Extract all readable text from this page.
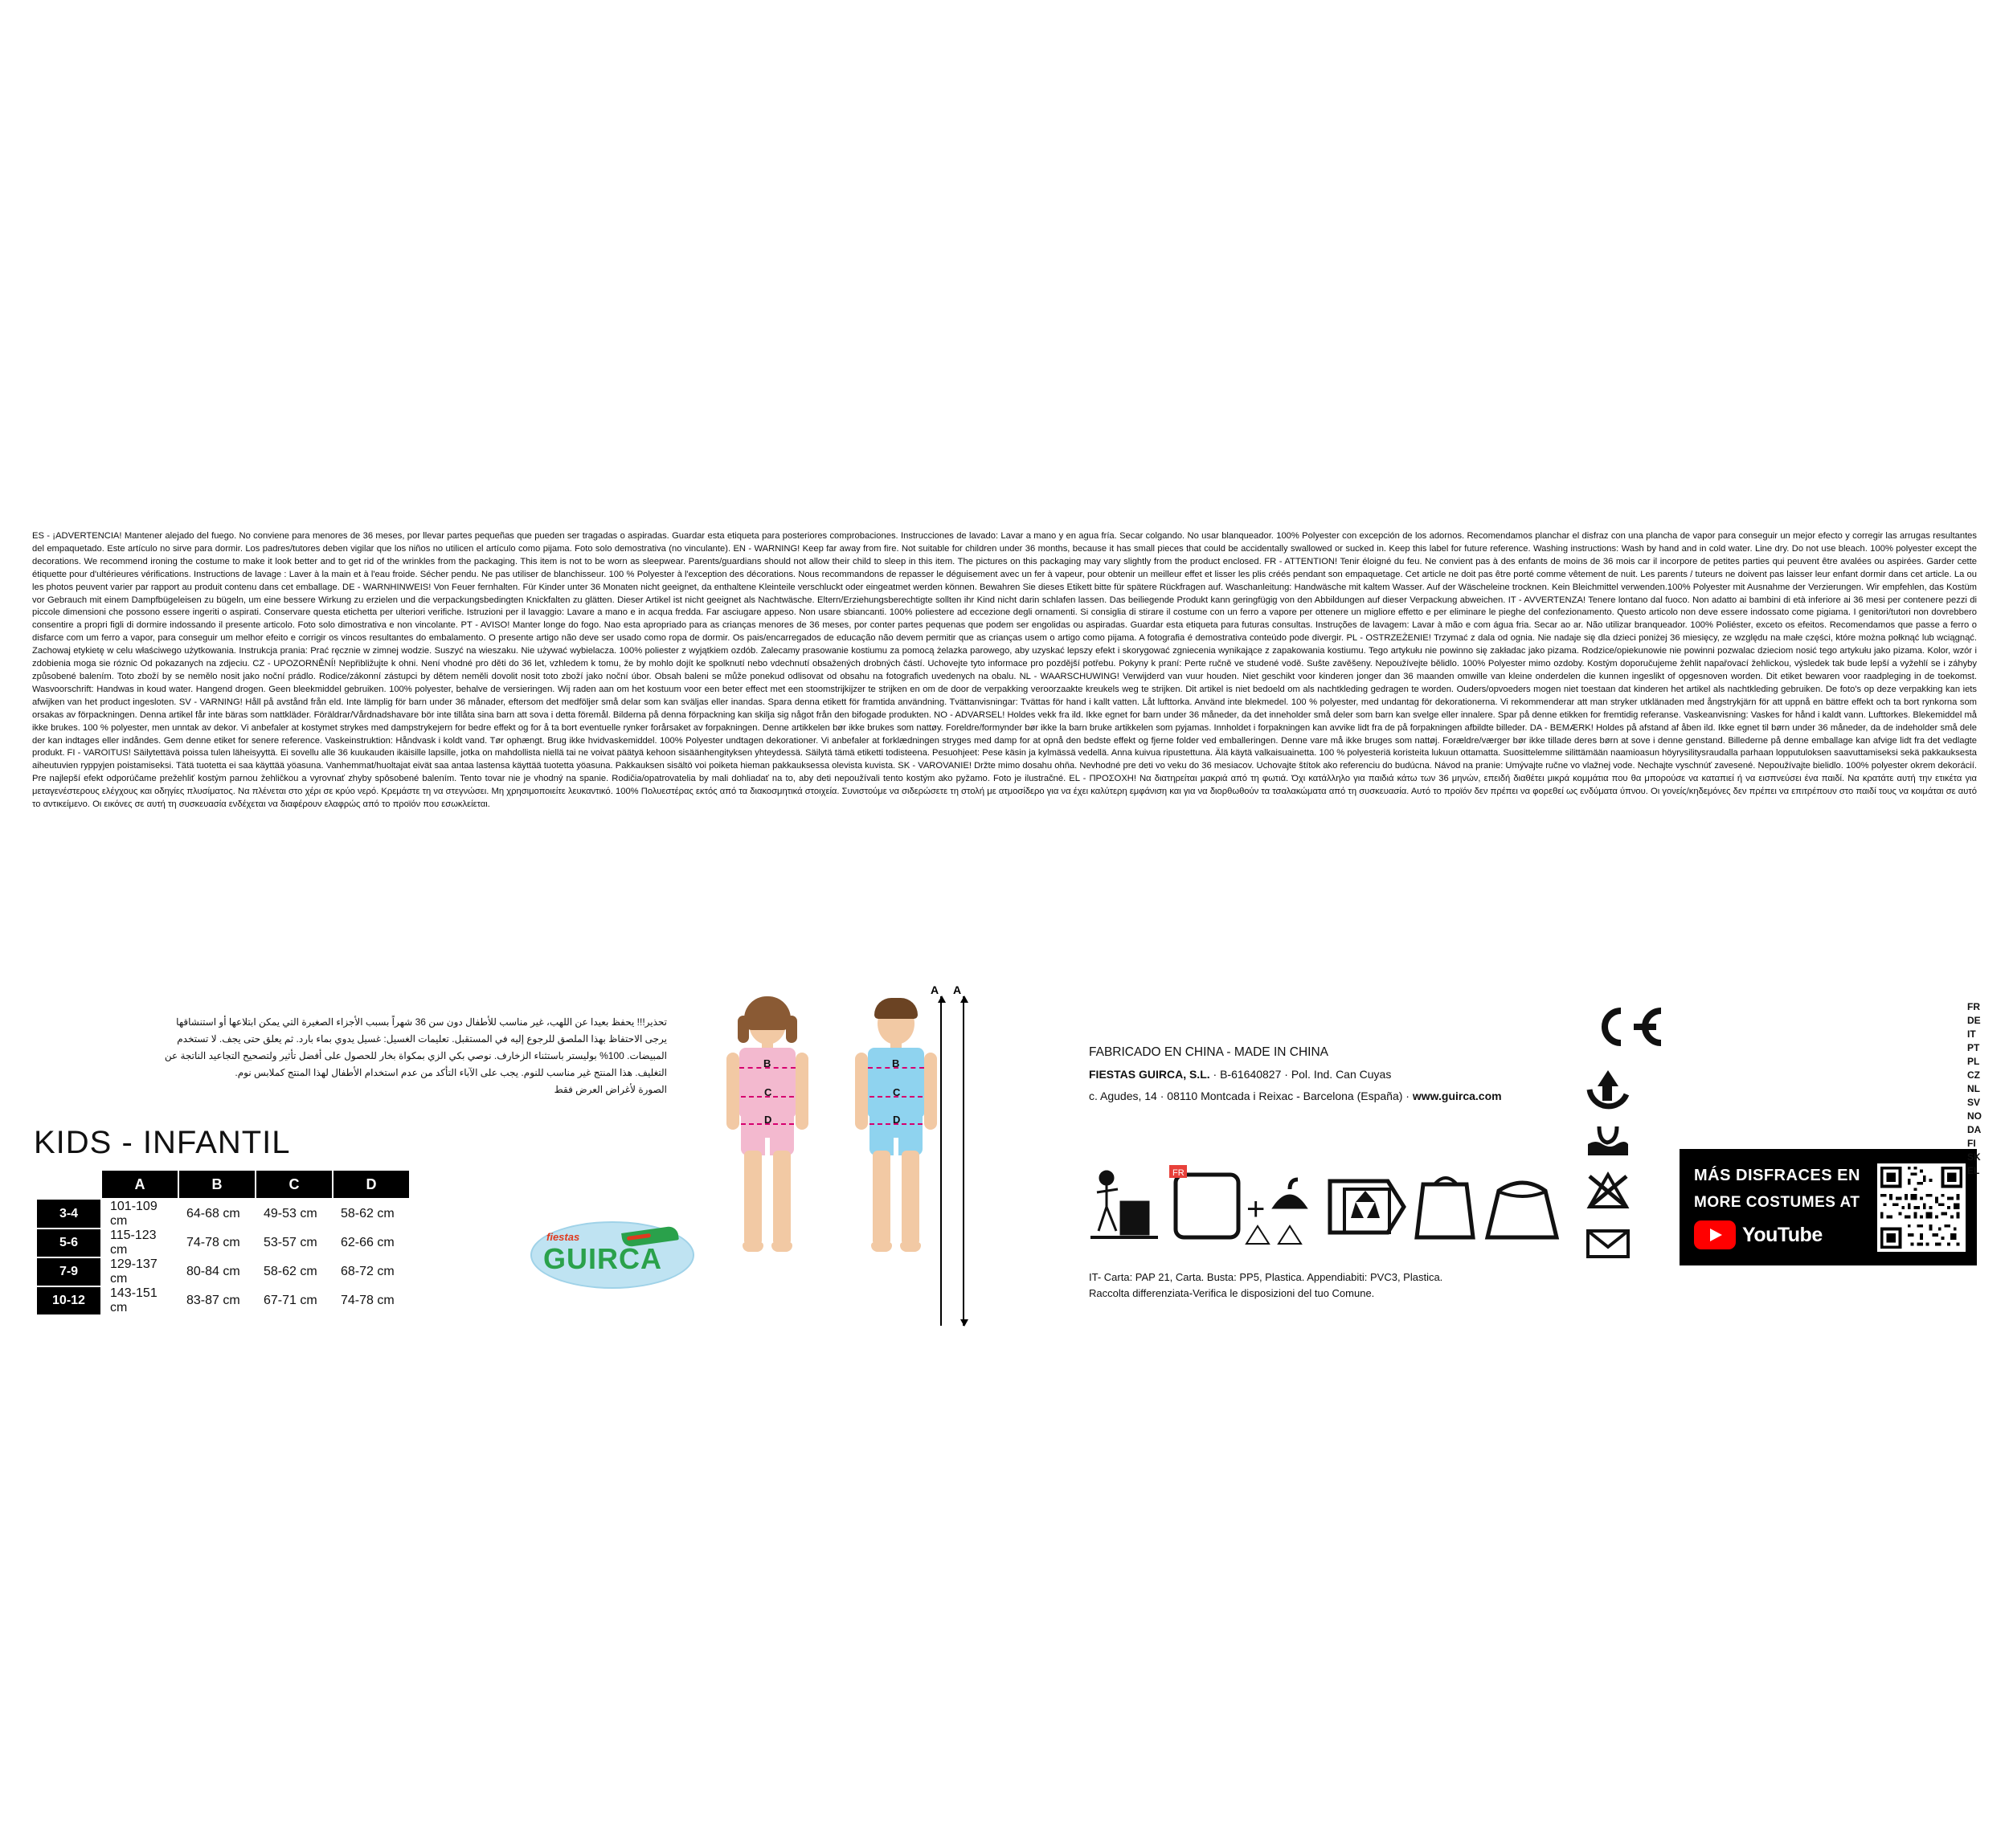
ES - ¡ADVERTENCIA! Mantener alejado del fuego. No conviene para menores de 36 meses, por llevar partes pequeñas que pueden ser tragadas o aspiradas. Guardar esta etiqueta para posteriores comprobaciones. Instrucciones de lavado: Lavar a mano y en agua fría. Secar colgando. No usar blanqueador. 100% Polyester con excepción de los adornos. Recomendamos planchar el disfraz con una plancha de vapor para conseguir un mejor efecto y corregir las arrugas resultantes del empaquetado. Este artículo no sirve para dormir. Los padres/tutores deben vigilar que los niños no utilicen el artículo como pijama. Foto solo demostrativa (no vinculante). EN - WARNING! Keep far away from fire. Not suitable for children under 36 months, because it has small pieces that could be accidentally swallowed or sucked in. Keep this label for future reference. Washing instructions: Wash by hand and in cold water. Line dry. Do not use bleach. 100% polyester except the decorations. We recommend ironing the costume to make it look better and to get rid of the wrinkles from the packaging. This item is not to be worn as sleepwear. Parents/guardians should not allow their child to sleep in this item. The pictures on this packaging may vary slightly from the product enclosed. FR - ATTENTION! Tenir éloigné du feu. Ne convient pas à des enfants de moins de 36 mois car il incorpore de petites parties qui peuvent être avalées ou aspirées. Garder cette étiquette pour d'ultérieures vérifications. Instructions de lavage : Laver à la main et à l'eau froide. Sécher pendu. Ne pas utiliser de blanchisseur. 100 % Polyester à l'exception des décorations. Nous recommandons de repasser le déguisement avec un fer à vapeur, pour obtenir un meilleur effet et lisser les plis créés pendant son empaquetage. Cet article ne doit pas être porté comme vêtement de nuit. Les parents / tuteurs ne doivent pas laisser leur enfant dormir dans cet article. La ou les photos peuvent varier par rapport au produit contenu dans cet emballage. DE - WARNHINWEIS! Von Feuer fernhalten. Für Kinder unter 36 Monaten nicht geeignet, da enthaltene Kleinteile verschluckt oder eingeatmet werden können. Bewahren Sie dieses Etikett bitte für spätere Rückfragen auf. Waschanleitung: Handwäsche mit kaltem Wasser. Auf der Wäscheleine trocknen. Kein Bleichmittel verwenden.100% Polyester mit Ausnahme der Verzierungen. Wir empfehlen, das Kostüm vor Gebrauch mit einem Dampfbügeleisen zu bügeln, um eine bessere Wirkung zu erzielen und die verpackungsbedingten Knickfalten zu glätten. Dieser Artikel ist nicht geeignet als Nachtwäsche. Eltern/Erziehungsberechtigte sollten ihr Kind nicht darin schlafen lassen. Das beiliegende Produkt kann geringfügig von den Abbildungen auf dieser Verpackung abweichen. IT - AVVERTENZA! Tenere lontano dal fuoco. Non adatto ai bambini di età inferiore ai 36 mesi per contenere pezzi di piccole dimensioni che possono essere ingeriti o aspirati. Conservare questa etichetta per ulteriori verifiche. Istruzioni per il lavaggio: Lavare a mano e in acqua fredda. Far asciugare appeso. Non usare sbiancanti. 100% poliestere ad eccezione degli ornamenti. Si consiglia di stirare il costume con un ferro a vapore per ottenere un migliore effetto e per eliminare le pieghe del confezionamento. Questo articolo non deve essere indossato come pigiama. I genitori/tutori non dovrebbero consentire a propri figli di dormire indossando il presente articolo. Foto solo dimostrativa e non vincolante. PT - AVISO! Manter longe do fogo. Nao esta apropriado para as crianças menores de 36 meses, por conter partes pequenas que podem ser engolidas ou aspiradas. Guardar esta etiqueta para futuras consultas. Instruções de lavagem: Lavar à mão e com água fria. Secar ao ar. Não utilizar branqueador. 100% Poliéster, exceto os efeitos. Recomendamos que passe a ferro o disfarce com um ferro a vapor, para conseguir um melhor efeito e corrigir os vincos resultantes do embalamento. O presente artigo não deve ser usado como ropa de dormir. Os pais/encarregados de educação não devem permitir que as crianças usem o artigo como pijama. A fotografia é demostrativa conteúdo pode divergir. PL - OSTRZEŻENIE! Trzymać z dala od ognia. Nie nadaje się dla dzieci poniżej 36 miesięcy, ze względu na małe części, które można połknąć lub wciągnąć. Zachowaj etykietę w celu właściwego użytkowania. Instrukcja prania: Prać ręcznie w zimnej wodzie. Suszyć na wieszaku. Nie używać wybielacza. 100% poliester z wyjątkiem ozdób. Zalecamy prasowanie kostiumu za pomocą żelazka parowego, aby uzyskać lepszy efekt i skorygować zgniecenia wynikające z zapakowania kostiumu. Tego artykułu nie powinno się zakładac jako pizama. Rodzice/opiekunowie nie powinni pozwalac dzieciom nosić tego artykułu jako pizama. Kolor, wzór i zdobienia moga sie róznic Od pokazanych na zdjeciu. CZ - UPOZORNĚNÍ! Nepřibližujte k ohni. Není vhodné pro děti do 36 let, vzhledem k tomu, že by mohlo dojít ke spolknutí nebo vdechnutí obsažených drobných částí. Uchovejte tyto informace pro pozdější potřebu. Pokyny k praní: Perte ručně ve studené vodě. Sušte zavěšeny. Nepoužívejte bělidlo. 100% Polyester mimo ozdoby. Kostým doporučujeme žehlit napařovací žehlickou, výsledek tak bude lepší a vyžehlí se i záhyby způsobené balením. Toto zboží by se nemělo nosit jako noční prádlo. Rodice/zákonní zástupci by dětem neměli dovolit nosit toto zboží jako noční úbor. Obsah baleni se může ponekud odlisovat od obsahu na fotografich uvedenych na obalu. NL - WAARSCHUWING! Verwijderd van vuur houden. Niet geschikt voor kinderen jonger dan 36 maanden omwille van kleine onderdelen die kunnen ingeslikt of opgesnoven worden. Dit etiket bewaren voor raadpleging in de toekomst. Wasvoorschrift: Handwas in koud water. Hangend drogen. Geen bleekmiddel gebruiken. 100% polyester, behalve de versieringen. Wij raden aan om het kostuum voor een beter effect met een stoomstrijkijzer te strijken en om de door de verpakking veroorzaakte kreukels weg te strijken. Dit artikel is niet bedoeld om als nachtkleding gedragen te worden. Ouders/opvoeders mogen niet toestaan dat kinderen het artikel als nachtkleding gebruiken. De foto's op deze verpakking kan iets afwijken van het product ingesloten. SV - VARNING! Håll på avstånd från eld. Inte lämplig för barn under 36 månader, eftersom det medföljer små delar som kan sväljas eller inandas. Spara denna etikett för framtida användning. Tvättanvisningar: Tvättas för hand i kallt vatten. Låt lufttorka. Använd inte blekmedel. 100 % polyester, med undantag för dekorationerna. Vi rekommenderar att man stryker utklänaden med ångstrykjärn för att uppnå en bättre effekt och ta bort rynkorna som orsakas av förpackningen. Denna artikel får inte bäras som nattkläder. Föräldrar/Vårdnadshavare bör inte tillåta sina barn att sova i detta föremål. Bilderna på denna förpackning kan skilja sig något från den bifogade produkten. NO - ADVARSEL! Holdes vekk fra ild. Ikke egnet for barn under 36 måneder, da det inneholder små deler som barn kan svelge eller innalere. Spar på denne etikken for fremtidig referanse. Vaskeanvisning: Vaskes for hånd i kaldt vann. Lufttorkes. Blekemiddel må ikke brukes. 100 % polyester, men unntak av dekor. Vi anbefaler at kostymet strykes med dampstrykejern for bedre effekt og for å ta bort eventuelle rynker forårsaket av forpakningen. Denne artikkelen bør ikke brukes som nattøy. Foreldre/formynder bør ikke la barn bruke artikkelen som pyjamas. Innholdet i forpakningen kan avvike lidt fra de på forpakningen afbildte billeder. DA - BEMÆRK! Holdes på afstand af åben ild. Ikke egnet til børn under 36 måneder, da de indeholder små dele der kan indtages eller indåndes. Gem denne etiket for senere reference. Vaskeinstruktion: Håndvask i koldt vand. Tør ophængt. Brug ikke hvidvaskemiddel. 100% Polyester undtagen dekorationer. Vi anbefaler at forklædningen stryges med damp for at opnå den bedste effekt og fjerne folder ved emballeringen. Denne vare må ikke bruges som nattøj. Forældre/værger bør ikke tillade deres børn at sove i denne genstand. Billederne på denne emballage kan afvige lidt fra det vedlagte produkt. FI - VAROITUS! Säilytettävä poissa tulen läheisyyttä. Ei sovellu alle 36 kuukauden ikäisille lapsille, jotka on mahdollista niellä tai ne voivat päätyä kehoon sisäänhengityksen yhteydessä. Säilytä tämä etiketti todisteena. Pesuohjeet: Pese käsin ja kylmässä vedellä. Anna kuivua ripustettuna. Älä käytä valkaisuainetta. 100 % polyesteriä koristeita lukuun ottamatta. Suosittelemme silittämään naamioasun höyrysilitysraudalla parhaan lopputuloksen saavuttamiseksi sekä pakkauksesta aiheutuvien ryppyjen poistamiseksi. Tätä tuotetta ei saa käyttää yöasuna. Vanhemmat/huoltajat eivät saa antaa lastensa käyttää tuotetta yöasuna. Pakkauksen sisältö voi poiketa hieman pakkauksessa olevista kuvista. SK - VAROVANIE! Držte mimo dosahu ohňa. Nevhodné pre deti vo veku do 36 mesiacov. Uchovajte štítok ako referenciu do budúcna. Návod na pranie: Umývajte ručne vo vlažnej vode. Nechajte vyschnúť zavesené. Nepoužívajte bielidlo. 100% polyester okrem dekorácií. Pre najlepší efekt odporúčame prežehliť kostým parnou žehličkou a vyrovnať zhyby spôsobené balením. Tento tovar nie je vhodný na spanie. Rodičia/opatrovatelia by mali dohliadať na to, aby deti nepoužívali tento kostým ako pyžamo. Foto je ilustračné. EL - ΠΡΟΣΟΧΗ! Να διατηρείται μακριά από τη φωτιά. Όχι κατάλληλο για παιδιά κάτω των 36 μηνών, επειδή διαθέτει μικρά κομμάτια που θα μπορούσε να καταπιεί ή να εισπνεύσει ένα παιδί. Να κρατάτε αυτή την ετικέτα για μεταγενέστερους ελέγχους και οδηγίες πλυσίματος. Να πλένεται στο χέρι σε κρύο νερό. Κρεμάστε τη να στεγνώσει. Μη χρησιμοποιείτε λευκαντικό. 100% Πολυεστέρας εκτός από τα διακοσμητικά στοιχεία. Συνιστούμε να σιδερώσετε τη στολή με ατμοσίδερο για να έχει καλύτερη εμφάνιση και για να διορθωθούν τα τσαλακώματα από τη συσκευασία. Αυτό το προϊόν δεν πρέπει να φορεθεί ως ενδύματα ύπνου. Οι γονείς/κηδεμόνες δεν πρέπει να επιτρέπουν στο παιδί τους να κοιμάται σε αυτό το αντικείμενο. Οι εικόνες σε αυτή τη συσκευασία ενδέχεται να διαφέρουν ελαφρώς από το προϊόν που εσωκλείεται.
تحذير!!! يحفظ بعيدا عن اللهب، غير مناسب للأطفال دون سن 36 شهراً بسبب الأجزاء الصغيرة التي يمكن ابتلاعها أو استنشاقها
يرجى الاحتفاظ بهذا الملصق للرجوع إليه في المستقبل. تعليمات الغسيل: غسيل يدوي بماء بارد. ثم يعلق حتى يجف. لا تستخدم
المبيضات. 100% بوليستر باستثناء الزخارف. نوصي بكي الزي بمكواة بخار للحصول على أفضل تأثير ولتصحيح التجاعيد الناتجة عن
التغليف. هذا المنتج غير مناسب للنوم. يجب على الآباء التأكد من عدم استخدام الأطفال لهذا المنتج كملابس نوم.
الصورة لأغراض العرض فقط
KIDS - INFANTIL
	A	B	C	D
3-4	101-109 cm	64-68 cm	49-53 cm	58-62 cm
5-6	115-123 cm	74-78 cm	53-57 cm	62-66 cm
7-9	129-137 cm	80-84 cm	58-62 cm	68-72 cm
10-12	143-151 cm	83-87 cm	67-71 cm	74-78 cm
fiestas
GUIRCA
B
C
D
B
C
D
A A
FABRICADO EN CHINA - MADE IN CHINA
FIESTAS GUIRCA, S.L. · B-61640827 · Pol. Ind. Can Cuyas
c. Agudes, 14 · 08110 Montcada i Reixac - Barcelona (España) · www.guirca.com
FR
+
IT- Carta: PAP 21, Carta. Busta: PP5, Plastica. Appendiabiti: PVC3, Plastica.
Raccolta differenziata-Verifica le disposizioni del tuo Comune.
MÁS DISFRACES EN
MORE COSTUMES AT
YouTube
FR
DE
IT
PT
PL
CZ
NL
SV
NO
DA
FI
SK
EL
